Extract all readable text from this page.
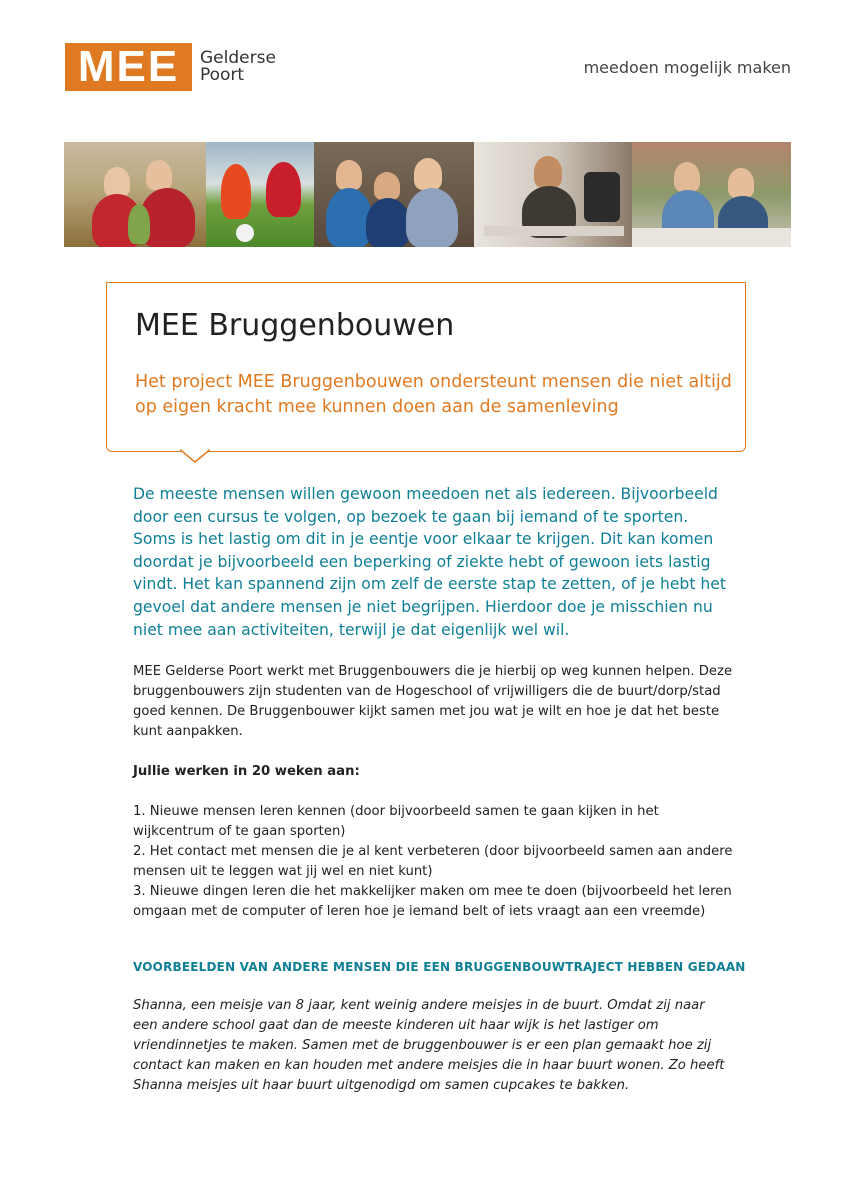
MEE	Gelderse
Poort	meedoen mogelijk maken
MEE Bruggenbouwen
Het project MEE Bruggenbouwen ondersteunt mensen die niet altijd op eigen kracht mee kunnen doen aan de samenleving
De meeste mensen willen gewoon meedoen net als iedereen. Bijvoorbeeld door een cursus te volgen, op bezoek te gaan bij iemand of te sporten. Soms is het lastig om dit in je eentje voor elkaar te krijgen. Dit kan komen doordat je bijvoorbeeld een beperking of ziekte hebt of gewoon iets lastig vindt. Het kan spannend zijn om zelf de eerste stap te zetten, of je hebt het gevoel dat andere mensen je niet begrijpen. Hierdoor doe je misschien nu niet mee aan activiteiten, terwijl je dat eigenlijk wel wil.
MEE Gelderse Poort werkt met Bruggenbouwers die je hierbij op weg kunnen helpen. Deze bruggenbouwers zijn studenten van de Hogeschool of vrijwilligers die de buurt/dorp/stad goed kennen. De Bruggenbouwer kijkt samen met jou wat je wilt en hoe je dat het beste kunt aanpakken.
Jullie werken in 20 weken aan:
1. Nieuwe mensen leren kennen (door bijvoorbeeld samen te gaan kijken in het wijkcentrum of te gaan sporten)
2. Het contact met mensen die je al kent verbeteren (door bijvoorbeeld samen aan andere mensen uit te leggen wat jij wel en niet kunt)
3. Nieuwe dingen leren die het makkelijker maken om mee te doen (bijvoorbeeld het leren omgaan met de computer of leren hoe je iemand belt of iets vraagt aan een vreemde)
VOORBEELDEN VAN ANDERE MENSEN DIE EEN BRUGGENBOUWTRAJECT HEBBEN GEDAAN
Shanna, een meisje van 8 jaar, kent weinig andere meisjes in de buurt. Omdat zij naar een andere school gaat dan de meeste kinderen uit haar wijk is het lastiger om vriendinnetjes te maken. Samen met de bruggenbouwer is er een plan gemaakt hoe zij contact kan maken en kan houden met andere meisjes die in haar buurt wonen. Zo heeft Shanna meisjes uit haar buurt uitgenodigd om samen cupcakes te bakken.
